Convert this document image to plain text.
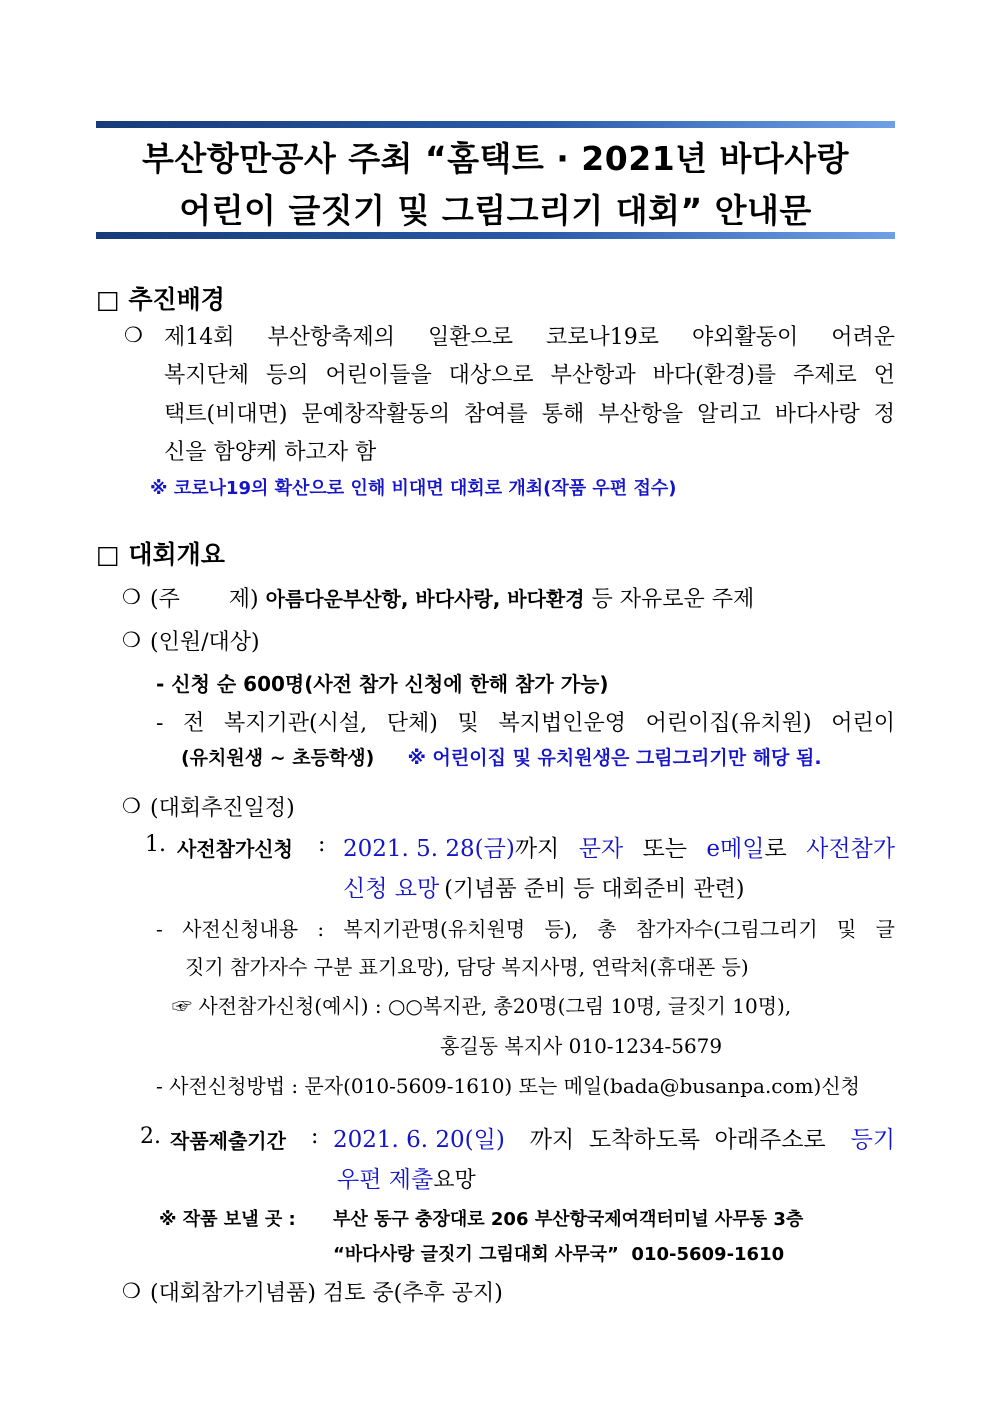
부산항만공사 주최 “홈택트 · 2021년 바다사랑
어린이 글짓기 및 그림그리기 대회” 안내문
□ 추진배경
❍ 제14회 부산항축제의 일환으로 코로나19로 야외활동이 어려운
복지단체 등의 어린이들을 대상으로 부산항과 바다(환경)를 주제로 언
택트(비대면) 문예창작활동의 참여를 통해 부산항을 알리고 바다사랑 정
신을 함양케 하고자 함
※ 코로나19의 확산으로 인해 비대면 대회로 개최(작품 우편 접수)
□ 대회개요
❍ (주       제) 아름다운부산항, 바다사랑, 바다환경 등 자유로운 주제
❍ (인원/대상)
- 신청 순 600명(사전 참가 신청에 한해 참가 가능)
- 전 복지기관(시설, 단체) 및 복지법인운영 어린이집(유치원) 어린이
(유치원생 ~ 초등학생) ※ 어린이집 및 유치원생은 그림그리기만 해당 됨.
❍ (대회추진일정)
1. 사전참가신청 : 2021. 5. 28(금)까지 문자 또는 e메일로 사전참가
신청 요망 (기념품 준비 등 대회준비 관련)
- 사전신청내용 : 복지기관명(유치원명 등), 총 참가자수(그림그리기 및 글
짓기 참가자수 구분 표기요망), 담당 복지사명, 연락처(휴대폰 등)
☞ 사전참가신청(예시) : ○○복지관, 총20명(그림 10명, 글짓기 10명),
홍길동 복지사 010-1234-5679
- 사전신청방법 : 문자(010-5609-1610) 또는 메일(bada@busanpa.com)신청
2. 작품제출기간 : 2021. 6. 20(일) 까지  도착하도록  아래주소로 등기
우편 제출요망
※ 작품 보낼 곳 : 부산 동구 충장대로 206 부산항국제여객터미널 사무동 3층
“바다사랑 글짓기 그림대회 사무국”  010-5609-1610
❍ (대회참가기념품) 검토 중(추후 공지)
